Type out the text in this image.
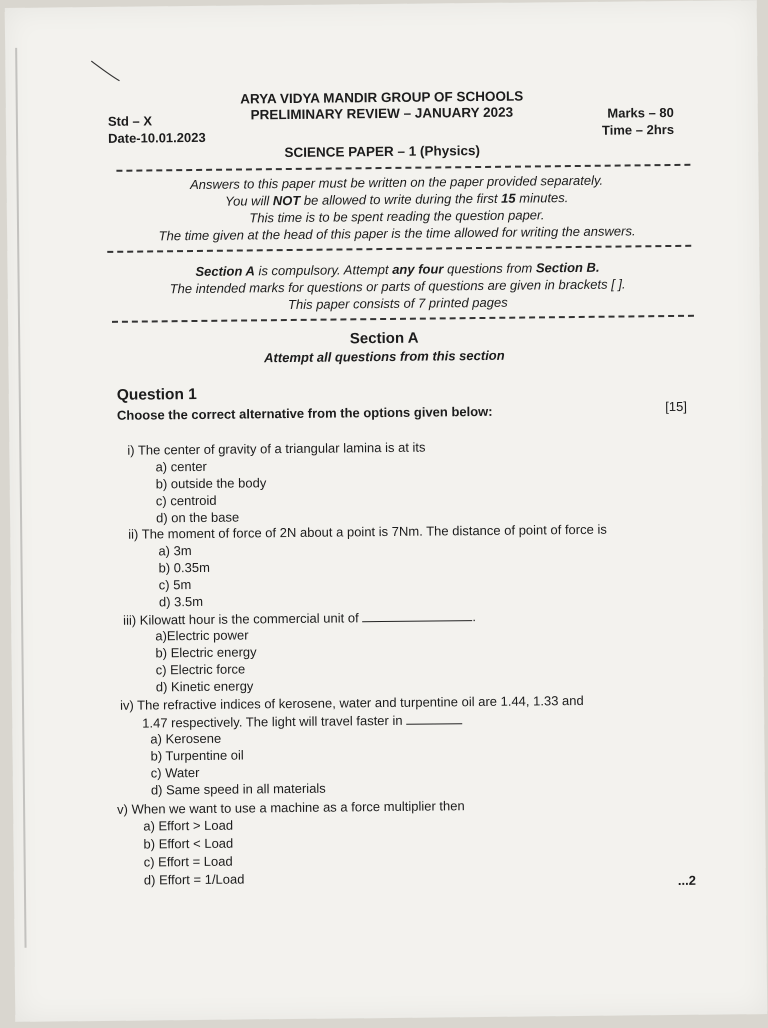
ARYA VIDYA MANDIR GROUP OF SCHOOLS
PRELIMINARY REVIEW – JANUARY 2023
Std – X
Date-10.01.2023
Marks – 80
Time – 2hrs
SCIENCE PAPER – 1 (Physics)
Answers to this paper must be written on the paper provided separately.
You will NOT be allowed to write during the first 15 minutes.
This time is to be spent reading the question paper.
The time given at the head of this paper is the time allowed for writing the answers.
Section A is compulsory. Attempt any four questions from Section B.
The intended marks for questions or parts of questions are given in brackets [ ].
This paper consists of 7 printed pages
Section A
Attempt all questions from this section
Question 1
Choose the correct alternative from the options given below:	[15]
i) The center of gravity of a triangular lamina is at its
a) center
b) outside the body
c) centroid
d) on the base
ii) The moment of force of 2N about a point is 7Nm. The distance of point of force is
a) 3m
b) 0.35m
c) 5m
d) 3.5m
iii) Kilowatt hour is the commercial unit of	.
a)Electric power
b) Electric energy
c) Electric force
d) Kinetic energy
iv) The refractive indices of kerosene, water and turpentine oil are 1.44, 1.33 and
1.47 respectively. The light will travel faster in
a) Kerosene
b) Turpentine oil
c) Water
d) Same speed in all materials
v) When we want to use a machine as a force multiplier then
a) Effort > Load
b) Effort < Load
c) Effort = Load
d) Effort = 1/Load	...2
